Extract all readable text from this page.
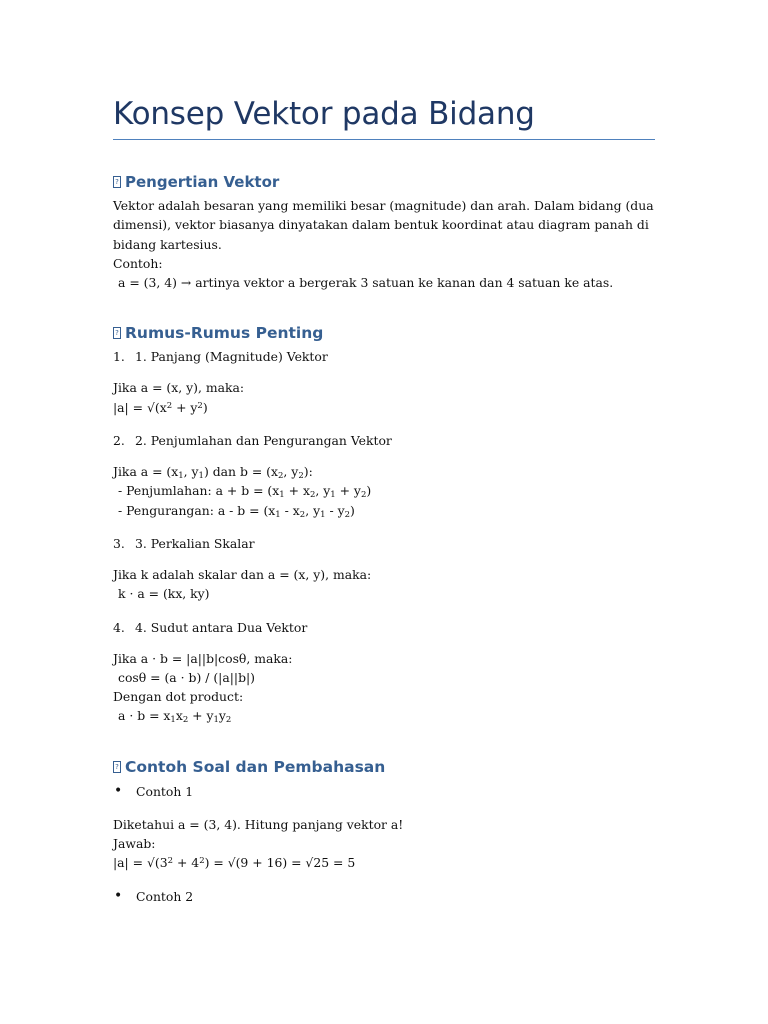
Konsep Vektor pada Bidang
? Pengertian Vektor

Vektor adalah besaran yang memiliki besar (magnitude) dan arah. Dalam bidang (dua dimensi), vektor biasanya dinyatakan dalam bentuk koordinat atau diagram panah di bidang kartesius.

Contoh:

a = (3, 4) → artinya vektor a bergerak 3 satuan ke kanan dan 4 satuan ke atas.

? Rumus-Rumus Penting
1. 1. Panjang (Magnitude) Vektor

Jika a = (x, y), maka:

$|a| = √(x^2 + y^2)$

2. 2. Penjumlahan dan Pengurangan Vektor

Jika $a = (x_1$, $y_1$) dan $b = (x_2$, $y_2$):

- Penjumlahan: $a + b = (x_1 + x_2$, $y_1 + y_2$)

- Pengurangan: $a - b = (x_1 - x_2$, $y_1 - y_2$)

3. 3. Perkalian Skalar

Jika k adalah skalar dan a = (x, y), maka:

k · a = (kx, ky)

4. 4. Sudut antara Dua Vektor

Jika a · b = |a||b|cosθ, maka:

cosθ = (a · b) / (|a||b|)

Dengan dot product:

$a \cdot b = x_1x_2 + y_1y_2$

? Contoh Soal dan Pembahasan
•	Contoh 1

Diketahui a = (3, 4). Hitung panjang vektor a!

Jawab:

$|a| = √(3^2 + 4^2) = √(9 + 16) = √25 = 5$

•	Contoh 2
